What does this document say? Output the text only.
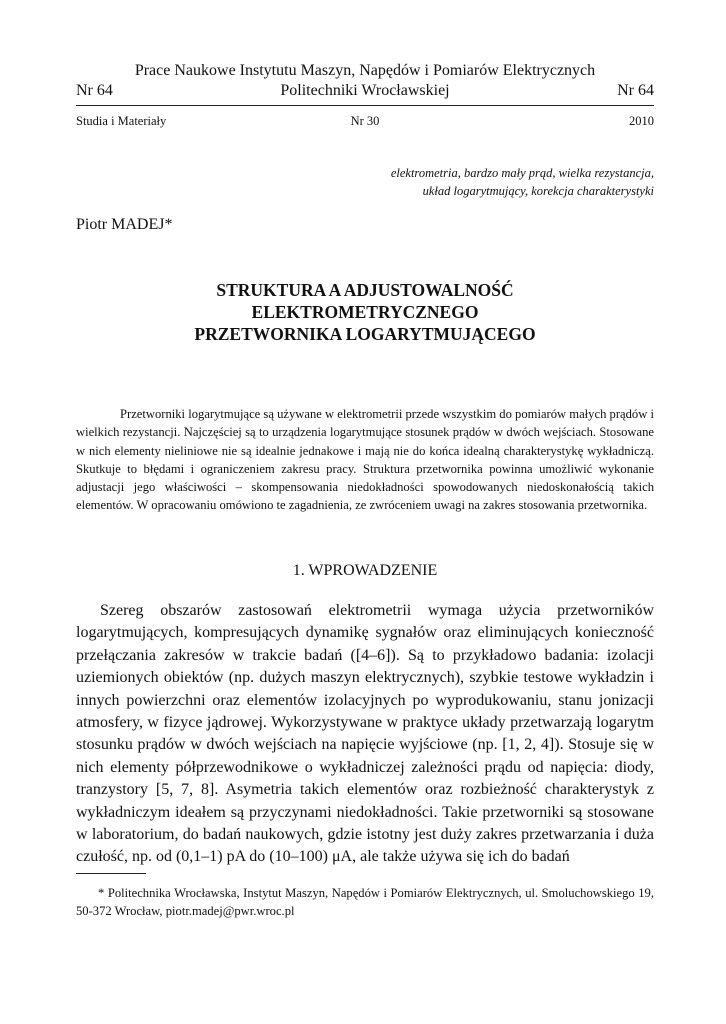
Prace Naukowe Instytutu Maszyn, Napędów i Pomiarów Elektrycznych
Politechniki Wrocławskiej
Nr 64	Nr 64
Nr 30
Studia i Materiały	2010
elektrometria, bardzo mały prąd, wielka rezystancja,
układ logarytmujący, korekcja charakterystyki
Piotr MADEJ*
STRUKTURA A ADJUSTOWALNOŚĆ
ELEKTROMETRYCZNEGO
PRZETWORNIKA LOGARYTMUJĄCEGO

Przetworniki logarytmujące są używane w elektrometrii przede wszystkim do pomiarów małych prądów i wielkich rezystancji. Najczęściej są to urządzenia logarytmujące stosunek prądów w dwóch wejściach. Stosowane w nich elementy nieliniowe nie są idealnie jednakowe i mają nie do końca idealną charakterystykę wykładniczą. Skutkuje to błędami i ograniczeniem zakresu pracy. Struktura przetwornika powinna umożliwić wykonanie adjustacji jego właściwości – skompensowania niedokładności spowodowanych niedoskonałością takich elementów. W opracowaniu omówiono te zagadnienia, ze zwróceniem uwagi na zakres stosowania przetwornika.

1. WPROWADZENIE

Szereg obszarów zastosowań elektrometrii wymaga użycia przetworników logarytmujących, kompresujących dynamikę sygnałów oraz eliminujących konieczność przełączania zakresów w trakcie badań ([4–6]). Są to przykładowo badania: izolacji uziemionych obiektów (np. dużych maszyn elektrycznych), szybkie testowe wykładzin i innych powierzchni oraz elementów izolacyjnych po wyprodukowaniu, stanu jonizacji atmosfery, w fizyce jądrowej. Wykorzystywane w praktyce układy przetwarzają logarytm stosunku prądów w dwóch wejściach na napięcie wyjściowe (np. [1, 2, 4]). Stosuje się w nich elementy półprzewodnikowe o wykładniczej zależności prądu od napięcia: diody, tranzystory [5, 7, 8]. Asymetria takich elementów oraz rozbieżność charakterystyk z wykładniczym ideałem są przyczynami niedokładności. Takie przetworniki są stosowane w laboratorium, do badań naukowych, gdzie istotny jest duży zakres przetwarzania i duża czułość, np. od (0,1–1) pA do (10–100) μA, ale także używa się ich do badań

* Politechnika Wrocławska, Instytut Maszyn, Napędów i Pomiarów Elektrycznych, ul. Smoluchowskiego 19, 50-372 Wrocław, piotr.madej@pwr.wroc.pl
